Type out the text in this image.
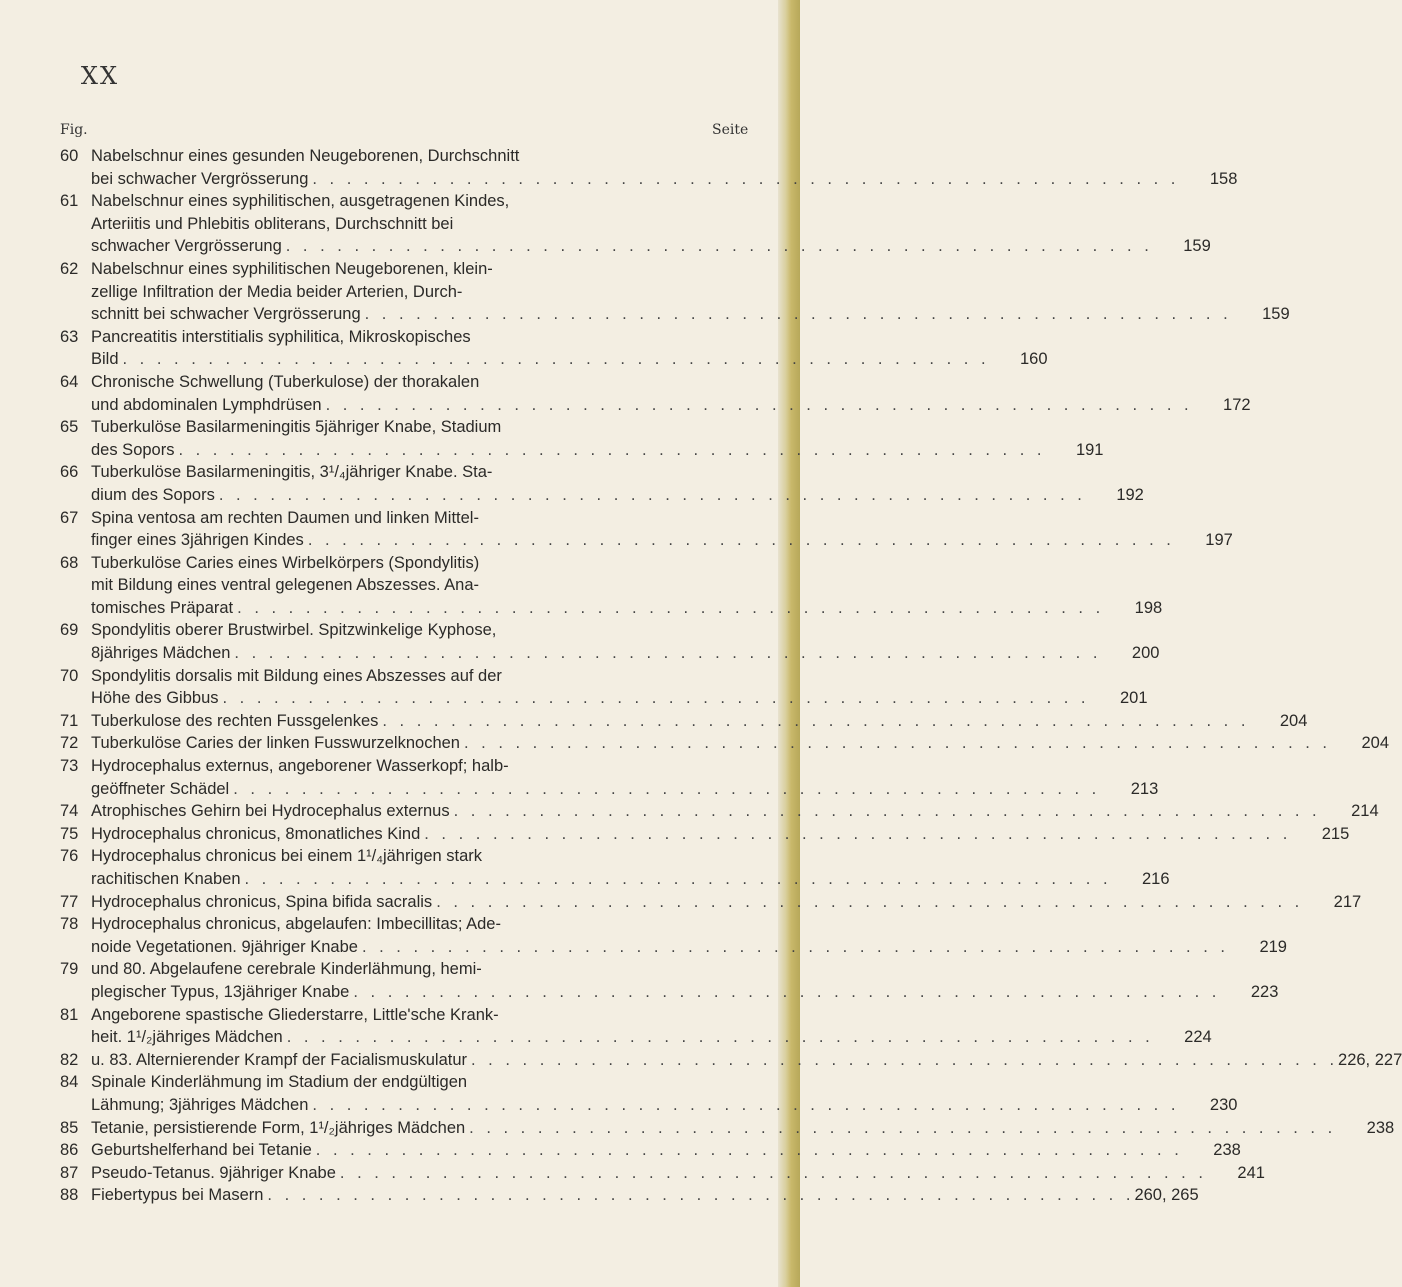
XX
Fig.	Seite
60 Nabelschnur eines gesunden Neugeborenen, Durchschnitt
bei schwacher Vergrösserung . . .	158
61 Nabelschnur eines syphilitischen, ausgetragenen Kindes,
Arteriitis und Phlebitis obliterans, Durchschnitt bei
schwacher Vergrösserung . . .	159
62 Nabelschnur eines syphilitischen Neugeborenen, klein-
zellige Infiltration der Media beider Arterien, Durch-
schnitt bei schwacher Vergrösserung . . .	159
63 Pancreatitis interstitialis syphilitica, Mikroskopisches
Bild . . .	160
64 Chronische Schwellung (Tuberkulose) der thorakalen
und abdominalen Lymphdrüsen . . .	172
65 Tuberkulöse Basilarmeningitis 5jähriger Knabe, Stadium
des Sopors . . .	191
66 Tuberkulöse Basilarmeningitis, 3¹/₄jähriger Knabe. Sta-
dium des Sopors . . .	192
67 Spina ventosa am rechten Daumen und linken Mittel-
finger eines 3jährigen Kindes . . .	197
68 Tuberkulöse Caries eines Wirbelkörpers (Spondylitis)
mit Bildung eines ventral gelegenen Abszesses. Ana-
tomisches Präparat . . .	198
69 Spondylitis oberer Brustwirbel. Spitzwinkelige Kyphose,
8jähriges Mädchen . . .	200
70 Spondylitis dorsalis mit Bildung eines Abszesses auf der
Höhe des Gibbus . . .	201
71 Tuberkulose des rechten Fussgelenkes . . .	204
72 Tuberkulöse Caries der linken Fusswurzelknochen . . .	204
73 Hydrocephalus externus, angeborener Wasserkopf; halb-
geöffneter Schädel . . .	213
74 Atrophisches Gehirn bei Hydrocephalus externus . . .	214
75 Hydrocephalus chronicus, 8monatliches Kind . . .	215
76 Hydrocephalus chronicus bei einem 1¹/₄jährigen stark
rachitischen Knaben . . .	216
77 Hydrocephalus chronicus, Spina bifida sacralis . . .	217
78 Hydrocephalus chronicus, abgelaufen: Imbecillitas; Ade-
noide Vegetationen. 9jähriger Knabe . . .	219
79 und 80. Abgelaufene cerebrale Kinderlähmung, hemi-
plegischer Typus, 13jähriger Knabe . . .	223
81 Angeborene spastische Gliederstarre, Little'sche Krank-
heit. 1¹/₂jähriges Mädchen . . .	224
82 u. 83. Alternierender Krampf der Facialismuskulatur . . .	226, 227
84 Spinale Kinderlähmung im Stadium der endgültigen
Lähmung; 3jähriges Mädchen . . .	230
85 Tetanie, persistierende Form, 1¹/₂jähriges Mädchen . . .	238
86 Geburtshelferhand bei Tetanie . . .	238
87 Pseudo-Tetanus. 9jähriger Knabe . . .	241
88 Fiebertypus bei Masern . . .	260, 265
